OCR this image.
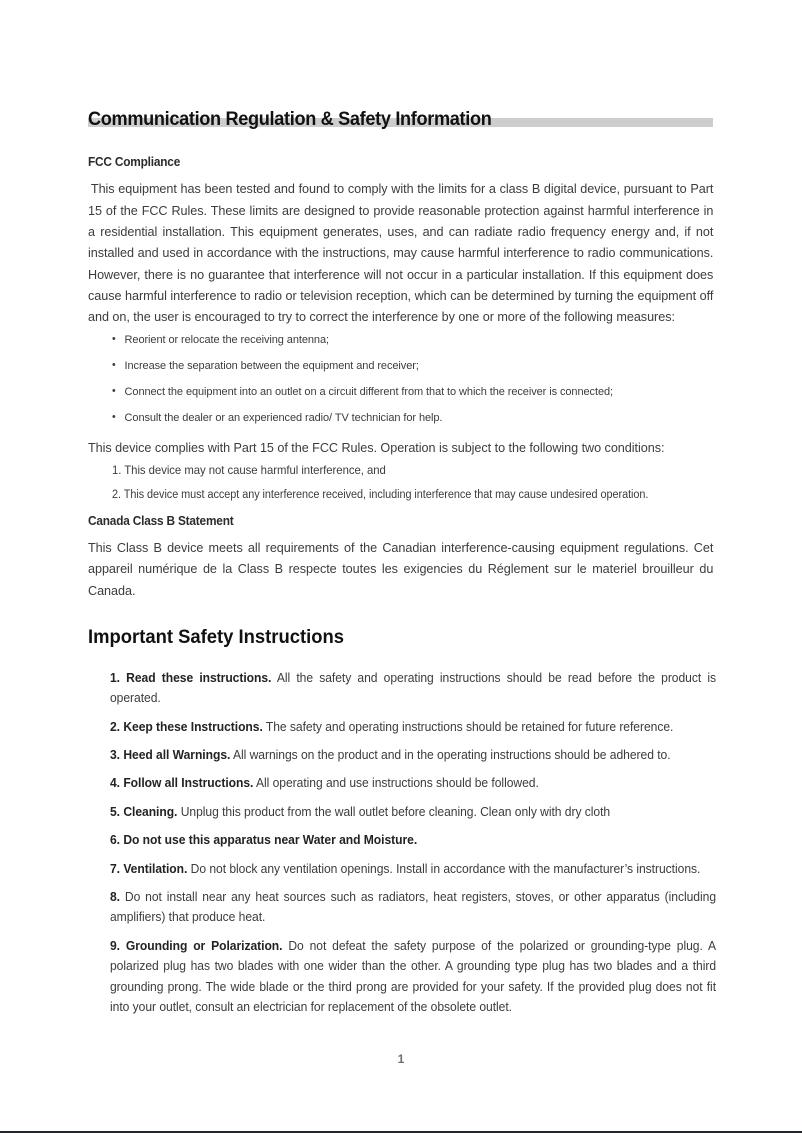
Communication Regulation & Safety Information
FCC Compliance

This equipment has been tested and found to comply with the limits for a class B digital device, pursuant to Part 15 of the FCC Rules. These limits are designed to provide reasonable protection against harmful interference in a residential installation. This equipment generates, uses, and can radiate radio frequency energy and, if not installed and used in accordance with the instructions, may cause harmful interference to radio communications. However, there is no guarantee that interference will not occur in a particular installation. If this equipment does cause harmful interference to radio or television reception, which can be determined by turning the equipment off and on, the user is encouraged to try to correct the interference by one or more of the following measures:

• Reorient or relocate the receiving antenna;
• Increase the separation between the equipment and receiver;
• Connect the equipment into an outlet on a circuit different from that to which the receiver is connected;
• Consult the dealer or an experienced radio/ TV technician for help.

This device complies with Part 15 of the FCC Rules. Operation is subject to the following two conditions:

1. This device may not cause harmful interference, and
2. This device must accept any interference received, including interference that may cause undesired operation.
Canada Class B Statement

This Class B device meets all requirements of the Canadian interference-causing equipment regulations. Cet appareil numérique de la Class B respecte toutes les exigencies du Réglement sur le materiel brouilleur du Canada.

Important Safety Instructions
1. Read these instructions. All the safety and operating instructions should be read before the product is operated.
2. Keep these Instructions. The safety and operating instructions should be retained for future reference.
3. Heed all Warnings. All warnings on the product and in the operating instructions should be adhered to.
4. Follow all Instructions. All operating and use instructions should be followed.
5. Cleaning. Unplug this product from the wall outlet before cleaning. Clean only with dry cloth
6. Do not use this apparatus near Water and Moisture.
7. Ventilation. Do not block any ventilation openings. Install in accordance with the manufacturer’s instructions.
8. Do not install near any heat sources such as radiators, heat registers, stoves, or other apparatus (including amplifiers) that produce heat.
9. Grounding or Polarization. Do not defeat the safety purpose of the polarized or grounding-type plug. A polarized plug has two blades with one wider than the other. A grounding type plug has two blades and a third grounding prong. The wide blade or the third prong are provided for your safety. If the provided plug does not fit into your outlet, consult an electrician for replacement of the obsolete outlet.
1
